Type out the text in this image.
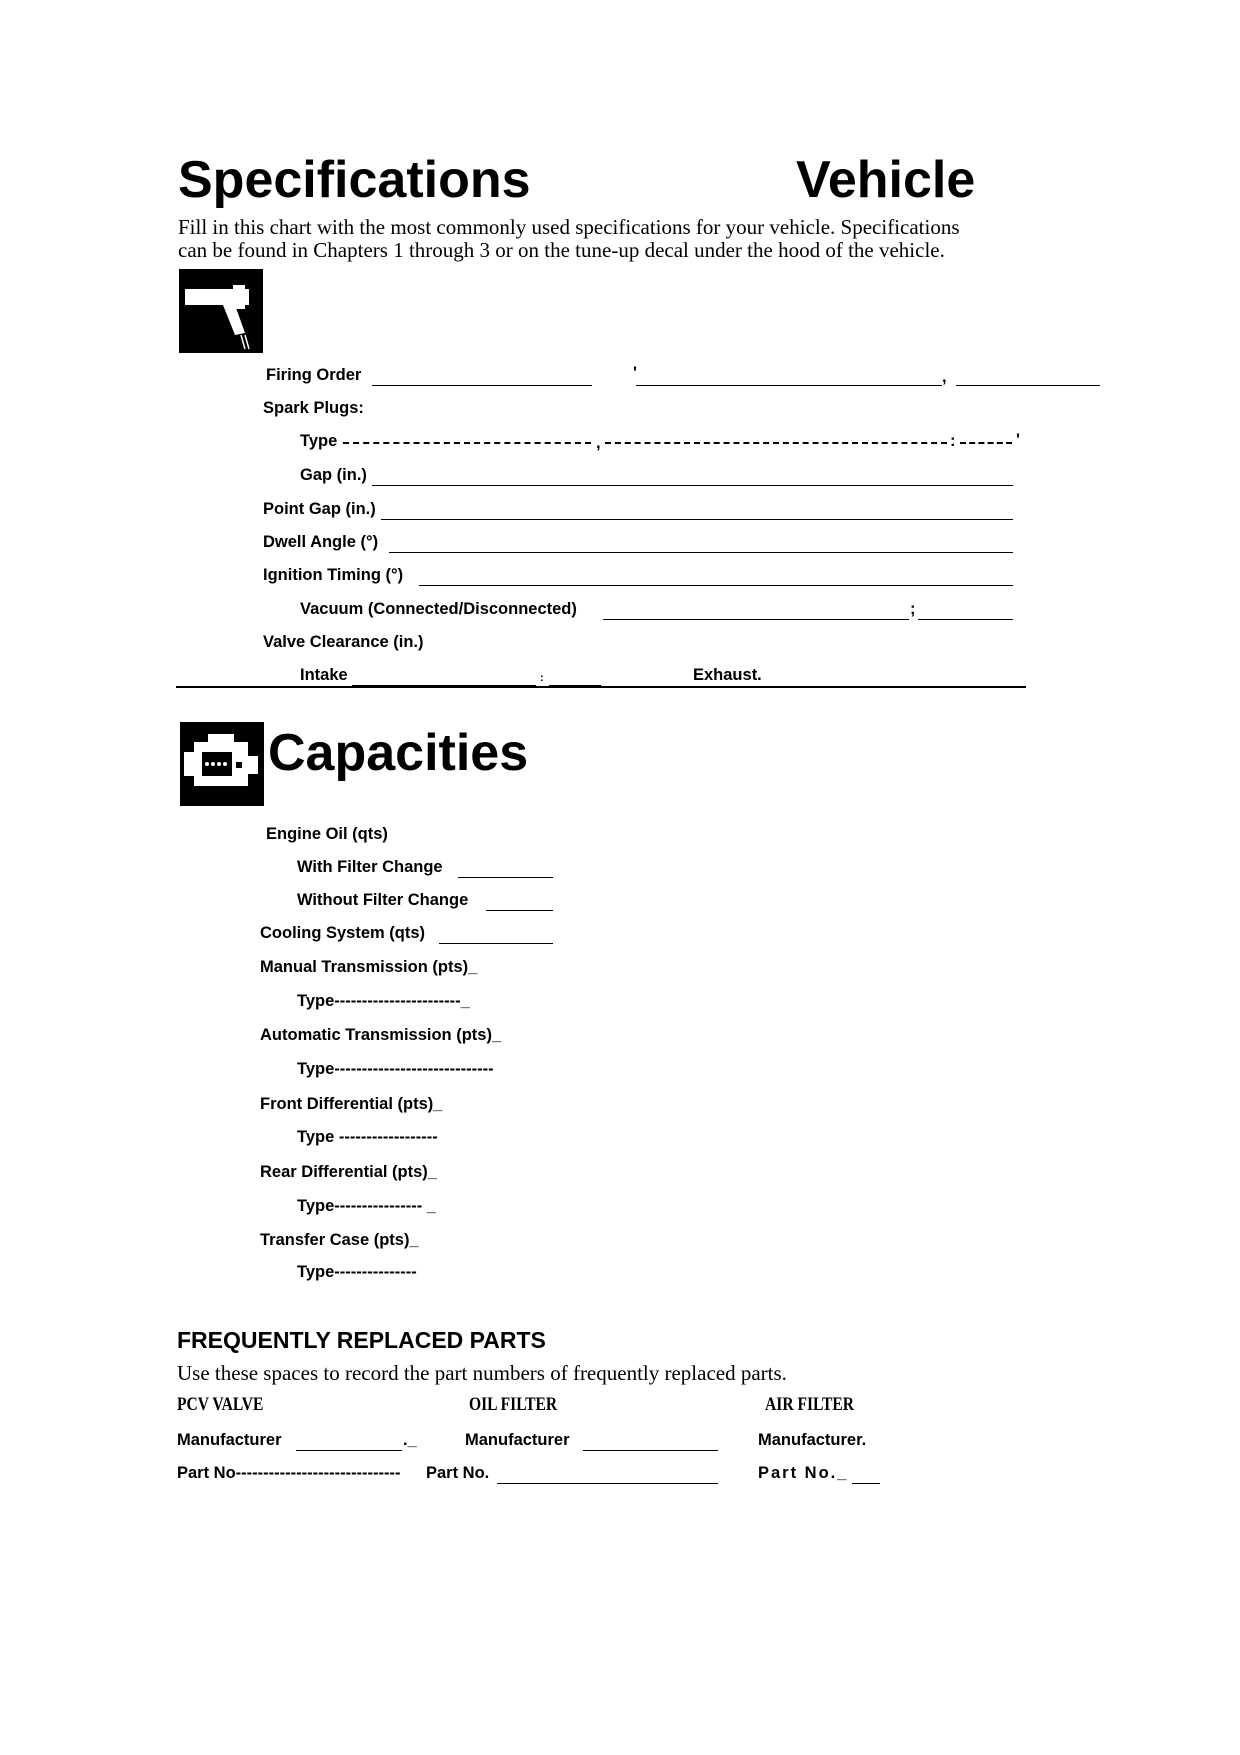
Specifications	Vehicle
Fill in this chart with the most commonly used specifications for your vehicle. Specifications
can be found in Chapters 1 through 3 or on the tune-up decal under the hood of the vehicle.
Firing Order	'	,
Spark Plugs:
Type	,	:	'
Gap (in.)
Point Gap (in.)
Dwell Angle (°)
Ignition Timing (°)
Vacuum (Connected/Disconnected)	;
Valve Clearance (in.)
Intake	:	Exhaust.
Capacities
Engine Oil (qts)
With Filter Change
Without Filter Change
Cooling System (qts)
Manual Transmission (pts)_
Type-----------------------_
Automatic Transmission (pts)_
Type-----------------------------
Front Differential (pts)_
Type ------------------
Rear Differential (pts)_
Type---------------- _
Transfer Case (pts)_
Type---------------
FREQUENTLY REPLACED PARTS
Use these spaces to record the part numbers of frequently replaced parts.
PCV VALVE	OIL FILTER	AIR FILTER
Manufacturer	._	Manufacturer	Manufacturer.
Part No------------------------------ Part No.	Part No._
